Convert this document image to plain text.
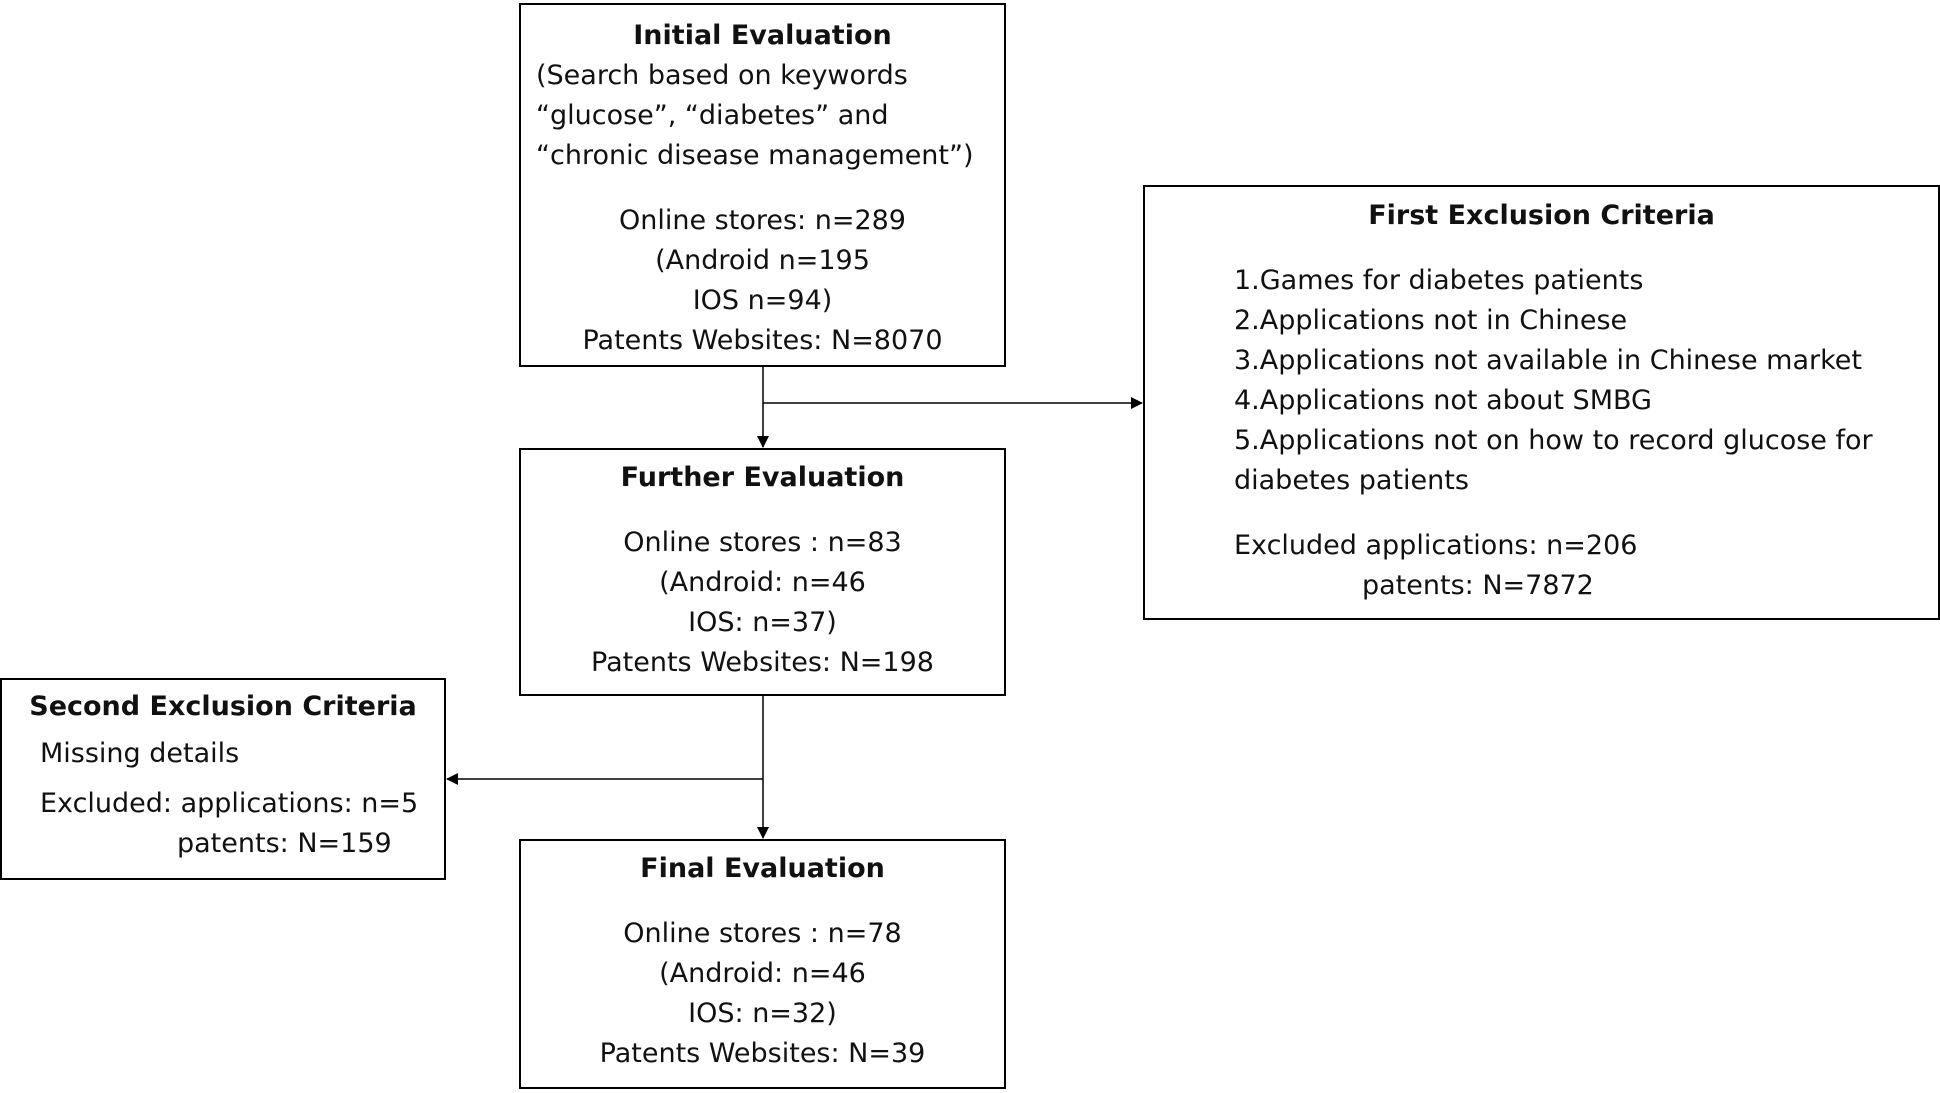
Initial Evaluation

(Search based on keywords

“glucose”, “diabetes” and

“chronic disease management”)

Online stores: n=289

(Android n=195

IOS n=94)

Patents Websites: N=8070

First Exclusion Criteria

1.Games for diabetes patients

2.Applications not in Chinese

3.Applications not available in Chinese market

4.Applications not about SMBG

5.Applications not on how to record glucose for

diabetes patients

Excluded applications: n=206

patents: N=7872

Further Evaluation

Online stores : n=83

(Android: n=46

IOS: n=37)

Patents Websites: N=198

Second Exclusion Criteria

Missing details

Excluded: applications: n=5

patents: N=159

Final Evaluation

Online stores : n=78

(Android: n=46

IOS: n=32)

Patents Websites: N=39
